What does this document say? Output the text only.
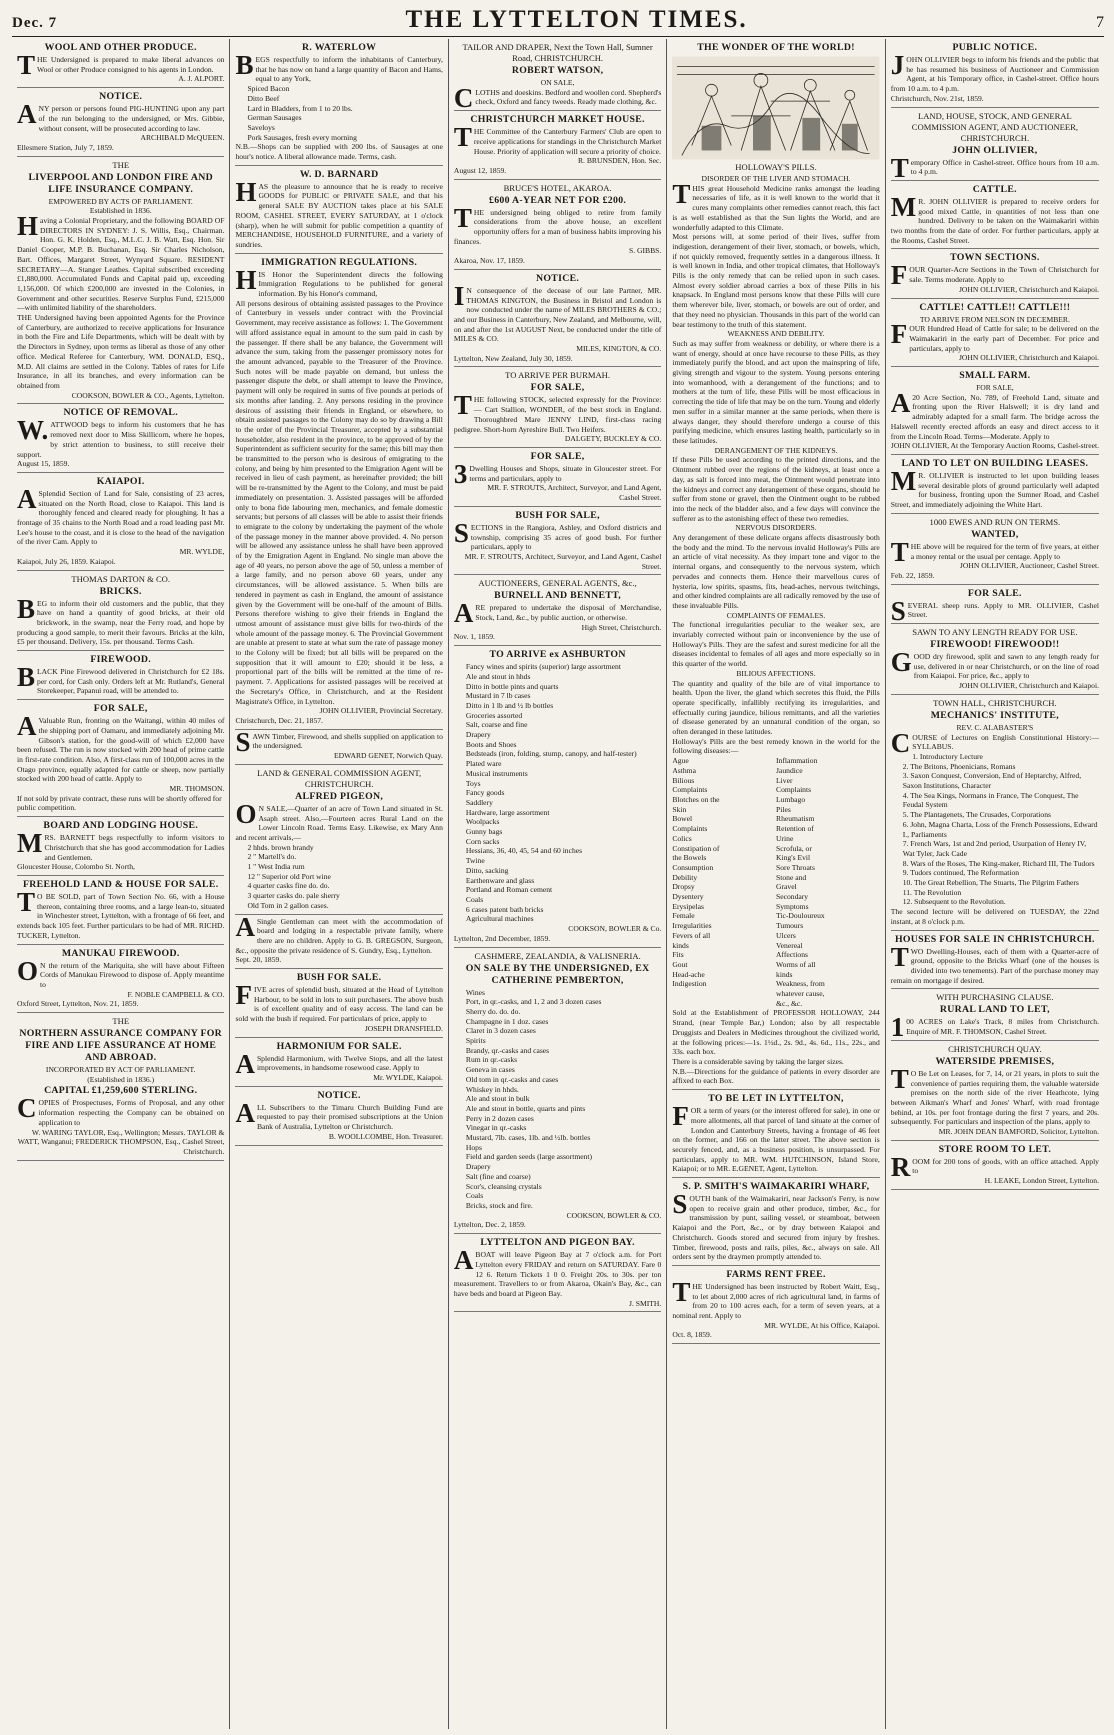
Dec. 7	THE LYTTELTON TIMES.	7
WOOL AND OTHER PRODUCE.

THE Undersigned is prepared to make liberal advances on Wool or other Produce consigned to his agents in London.

A. J. ALPORT.
NOTICE.

ANY person or persons found PIG-HUNTING upon any part of the run belonging to the undersigned, or Mrs. Gibbie, without consent, will be prosecuted according to law.

ARCHIBALD McQUEEN.
Ellesmere Station, July 7, 1859.
THE
LIVERPOOL AND LONDON FIRE AND LIFE INSURANCE COMPANY.
EMPOWERED BY ACTS OF PARLIAMENT.
Established in 1836.

Having a Colonial Proprietary, and the following BOARD OF DIRECTORS IN SYDNEY: J. S. Willis, Esq., Chairman. Hon. G. K. Holden, Esq., M.L.C. J. B. Watt, Esq. Hon. Sir Daniel Cooper, M.P. B. Buchanan, Esq. Sir Charles Nicholson, Bart. Offices, Margaret Street, Wynyard Square. RESIDENT SECRETARY—A. Stanger Leathes. Capital subscribed exceeding £1,880,000. Accumulated Funds and Capital paid up, exceeding 1,156,000. Of which £200,000 are invested in the Colonies, in Government and other securities. Reserve Surplus Fund, £215,000—with unlimited liability of the shareholders.

THE Undersigned having been appointed Agents for the Province of Canterbury, are authorized to receive applications for Insurance in both the Fire and Life Departments, which will be dealt with by the Directors in Sydney, upon terms as liberal as those of any other office. Medical Referee for Canterbury, WM. DONALD, ESQ., M.D. All claims are settled in the Colony. Tables of rates for Life Insurance, in all its branches, and every information can be obtained from

COOKSON, BOWLER & CO., Agents, Lyttelton.
NOTICE OF REMOVAL.

W.ATTWOOD begs to inform his customers that he has removed next door to Miss Skillicorn, where he hopes, by strict attention to business, to still receive their support.

August 15, 1859.
KAIAPOI.

ASplendid Section of Land for Sale, consisting of 23 acres, situated on the North Road, close to Kaiapoi. This land is thoroughly fenced and cleared ready for ploughing. It has a frontage of 35 chains to the North Road and a road leading past Mr. Lee's house to the coast, and it is close to the head of the navigation of the river Cam. Apply to

MR. WYLDE,
Kaiapoi, July 26, 1859. Kaiapoi.
THOMAS DARTON & CO.
BRICKS.

BEG to inform their old customers and the public, that they have on hand a quantity of good bricks, at their old brickwork, in the swamp, near the Ferry road, and hope by producing a good sample, to merit their favours. Bricks at the kiln, £5 per thousand. Delivery, 15s. per thousand. Terms Cash.

FIREWOOD.

BLACK Pine Firewood delivered in Christchurch for £2 18s. per cord, for Cash only. Orders left at Mr. Rutland's, General Storekeeper, Papanui road, will be attended to.

FOR SALE,

AValuable Run, fronting on the Waitangi, within 40 miles of the shipping port of Oamaru, and immediately adjoining Mr. Gibson's station, for the good-will of which £2,000 have been refused. The run is now stocked with 200 head of prime cattle in first-rate condition. Also, A first-class run of 100,000 acres in the Otago province, equally adapted for cattle or sheep, now partially stocked with 200 head of cattle. Apply to

MR. THOMSON.
If not sold by private contract, these runs will be shortly offered for public competition.
BOARD AND LODGING HOUSE.

MRS. BARNETT begs respectfully to inform visitors to Christchurch that she has good accommodation for Ladies and Gentlemen.

Gloucester House, Colombo St. North,
FREEHOLD LAND & HOUSE FOR SALE.

TO BE SOLD, part of Town Section No. 66, with a House thereon, containing three rooms, and a large lean-to, situated in Winchester street, Lyttelton, with a frontage of 66 feet, and extends back 105 feet. Further particulars to be had of MR. RICHD. TUCKER, Lyttelton.

MANUKAU FIREWOOD.

ON the return of the Mariquita, she will have about Fifteen Cords of Manukau Firewood to dispose of. Apply meantime to

F. NOBLE CAMPBELL & CO.
Oxford Street, Lyttelton, Nov. 21, 1859.
THE
NORTHERN ASSURANCE COMPANY FOR FIRE AND LIFE ASSURANCE AT HOME AND ABROAD.
INCORPORATED BY ACT OF PARLIAMENT.
(Established in 1836.)
CAPITAL £1,259,600 STERLING.

COPIES of Prospectuses, Forms of Proposal, and any other information respecting the Company can be obtained on application to

W. WARING TAYLOR, Esq., Wellington; Messrs. TAYLOR & WATT, Wanganui; FREDERICK THOMPSON, Esq., Cashel Street, Christchurch.
R. WATERLOW

BEGS respectfully to inform the inhabitants of Canterbury, that he has now on hand a large quantity of Bacon and Hams, equal to any York,

Spiced Bacon
Ditto Beef
Lard in Bladders, from 1 to 20 lbs.
German Sausages
Saveloys
Pork Sausages, fresh every morning
N.B.—Shops can be supplied with 200 lbs. of Sausages at one hour's notice. A liberal allowance made. Terms, cash.
W. D. BARNARD

HAS the pleasure to announce that he is ready to receive GOODS for PUBLIC or PRIVATE SALE, and that his general SALE BY AUCTION takes place at his SALE ROOM, CASHEL STREET, EVERY SATURDAY, at 1 o'clock (sharp), when he will submit for public competition a quantity of MERCHANDISE, HOUSEHOLD FURNITURE, and a variety of sundries.

IMMIGRATION REGULATIONS.

HIS Honor the Superintendent directs the following Immigration Regulations to be published for general information. By his Honor's command,

All persons desirous of obtaining assisted passages to the Province of Canterbury in vessels under contract with the Provincial Government, may receive assistance as follows: 1. The Government will afford assistance equal in amount to the sum paid in cash by the passenger. If there shall be any balance, the Government will advance the sum, taking from the passenger promissory notes for the amount advanced, payable to the Treasurer of the Province. Such notes will be made payable on demand, but unless the passenger dispute the debt, or shall attempt to leave the Province, payment will only be required in sums of five pounds at periods of six months after landing. 2. Any persons residing in the province desirous of assisting their friends in England, or elsewhere, to obtain assisted passages to the Colony may do so by drawing a Bill to the order of the Provincial Treasurer, accepted by a substantial householder, also resident in the province, to be approved of by the Superintendent as sufficient security for the same; this bill may then be transmitted to the person who is desirous of emigrating to the colony, and being by him presented to the Emigration Agent will be received in lieu of cash payment, as hereinafter provided; the bill will be re-transmitted by the Agent to the Colony, and must be paid immediately on presentation. 3. Assisted passages will be afforded only to bona fide labouring men, mechanics, and female domestic servants; but persons of all classes will be able to assist their friends to emigrate to the colony by undertaking the payment of the whole of the passage money in the manner above provided. 4. No person will be allowed any assistance unless he shall have been approved of by the Emigration Agent in England. No single man above the age of 40 years, no person above the age of 50, unless a member of a large family, and no person above 60 years, under any circumstances, will be allowed assistance. 5. When bills are tendered in payment as cash in England, the amount of assistance given by the Government will be one-half of the amount of Bills. Persons therefore wishing to give their friends in England the utmost amount of assistance must give bills for two-thirds of the whole amount of the passage money. 6. The Provincial Government are unable at present to state at what sum the rate of passage money to the Colony will be fixed; but all bills will be prepared on the supposition that it will amount to £20; should it be less, a proportional part of the bills will be remitted at the time of re-payment. 7. Applications for assisted passages will be received at the Secretary's Office, in Christchurch, and at the Resident Magistrate's Office, in Lyttelton.

JOHN OLLIVIER, Provincial Secretary.
Christchurch, Dec. 21, 1857.

SAWN Timber, Firewood, and shells supplied on application to the undersigned.

EDWARD GENET, Norwich Quay.
LAND & GENERAL COMMISSION AGENT, CHRISTCHURCH.
ALFRED PIGEON,

ON SALE,—Quarter of an acre of Town Land situated in St. Asaph street. Also,—Fourteen acres Rural Land on the Lower Lincoln Road. Terms Easy. Likewise, ex Mary Ann and recent arrivals,—

2 hhds. brown brandy
2 " Martell's do.
1 " West India rum
12 " Superior old Port wine
4 quarter casks fine do. do.
3 quarter casks do. pale sherry
Old Tom in 2 gallon cases.

ASingle Gentleman can meet with the accommodation of board and lodging in a respectable private family, where there are no children. Apply to G. B. GREGSON, Surgeon, &c., opposite the private residence of S. Gundry, Esq., Lyttelton.

Sept. 20, 1859.
BUSH FOR SALE.

FIVE acres of splendid bush, situated at the Head of Lyttelton Harbour, to be sold in lots to suit purchasers. The above bush is of excellent quality and of easy access. The land can be sold with the bush if required. For particulars of price, apply to

JOSEPH DRANSFIELD.
HARMONIUM FOR SALE.

ASplendid Harmonium, with Twelve Stops, and all the latest improvements, in handsome rosewood case. Apply to

Mr. WYLDE, Kaiapoi.
NOTICE.

ALL Subscribers to the Timaru Church Building Fund are requested to pay their promised subscriptions at the Union Bank of Australia, Lyttelton or Christchurch.

B. WOOLLCOMBE, Hon. Treasurer.
TAILOR AND DRAPER, Next the Town Hall, Sumner Road, CHRISTCHURCH.
ROBERT WATSON,
ON SALE,

CLOTHS and doeskins. Bedford and woollen cord. Shepherd's check, Oxford and fancy tweeds. Ready made clothing, &c.

CHRISTCHURCH MARKET HOUSE.

THE Committee of the Canterbury Farmers' Club are open to receive applications for standings in the Christchurch Market House. Priority of application will secure a priority of choice.

R. BRUNSDEN, Hon. Sec.
August 12, 1859.
BRUCE'S HOTEL, AKAROA.
£600 A-YEAR NET FOR £200.

THE undersigned being obliged to retire from family considerations from the above house, an excellent opportunity offers for a man of business habits improving his finances.

S. GIBBS.
Akaroa, Nov. 17, 1859.
NOTICE.

IN consequence of the decease of our late Partner, MR. THOMAS KINGTON, the Business in Bristol and London is now conducted under the name of MILES BROTHERS & CO.; and our Business in Canterbury, New Zealand, and Melbourne, will, on and after the 1st AUGUST Next, be conducted under the title of MILES & CO.

MILES, KINGTON, & CO.
Lyttelton, New Zealand, July 30, 1859.
TO ARRIVE PER BURMAH.
FOR SALE,

THE following STOCK, selected expressly for the Province:— Cart Stallion, WONDER, of the best stock in England. Thoroughbred Mare JENNY LIND, first-class racing pedigree. Short-horn Ayreshire Bull. Two Heifers.

DALGETY, BUCKLEY & CO.
FOR SALE,

3Dwelling Houses and Shops, situate in Gloucester street. For terms and particulars, apply to

MR. F. STROUTS, Architect, Surveyor, and Land Agent, Cashel Street.
BUSH FOR SALE,

SECTIONS in the Rangiora, Ashley, and Oxford districts and township, comprising 35 acres of good bush. For further particulars, apply to

MR. F. STROUTS, Architect, Surveyor, and Land Agent, Cashel Street.
AUCTIONEERS, GENERAL AGENTS, &c.,
BURNELL AND BENNETT,

ARE prepared to undertake the disposal of Merchandise, Stock, Land, &c., by public auction, or otherwise.

High Street, Christchurch.
Nov. 1, 1859.
TO ARRIVE ex ASHBURTON
Fancy wines and spirits (superior) large assortment
Ale and stout in hhds
Ditto in bottle pints and quarts
Mustard in 7 lb cases
Ditto in 1 lb and ½ lb bottles
Groceries assorted
Salt, coarse and fine
Drapery
Boots and Shoes
Bedsteads (iron, folding, stump, canopy, and half-tester)
Plated ware
Musical instruments
Toys
Fancy goods
Saddlery
Hardware, large assortment
Woolpacks
Gunny bags
Corn sacks
Hessians, 36, 40, 45, 54 and 60 inches
Twine
Ditto, sacking
Earthenware and glass
Portland and Roman cement
Coals
6 cases patent bath bricks
Agricultural machines
COOKSON, BOWLER & Co.
Lyttelton, 2nd December, 1859.
CASHMERE, ZEALANDIA, & VALISNERIA.
ON SALE BY THE UNDERSIGNED, EX CATHERINE PEMBERTON,
Wines
Port, in qr.-casks, and 1, 2 and 3 dozen cases
Sherry do. do. do.
Champagne in 1 doz. cases
Claret in 3 dozen cases
Spirits
Brandy, qr.-casks and cases
Rum in qr.-casks
Geneva in cases
Old tom in qr.-casks and cases
Whiskey in hhds.
Ale and stout in bulk
Ale and stout in bottle, quarts and pints
Perry in 2 dozen cases
Vinegar in qr.-casks
Mustard, 7lb. cases, 1lb. and ½lb. bottles
Hops
Field and garden seeds (large assortment)
Drapery
Salt (fine and coarse)
Scor's, cleansing crystals
Coals
Bricks, stock and fire.
COOKSON, BOWLER & CO.
Lyttelton, Dec. 2, 1859.
LYTTELTON AND PIGEON BAY.

ABOAT will leave Pigeon Bay at 7 o'clock a.m. for Port Lyttelton every FRIDAY and return on SATURDAY. Fare 0 12 6. Return Tickets 1 0 0. Freight 20s. to 30s. per ton measurement. Travellers to or from Akaroa, Okain's Bay, &c., can have beds and board at Pigeon Bay.

J. SMITH.
THE WONDER OF THE WORLD!
HOLLOWAY'S PILLS.
DISORDER OF THE LIVER AND STOMACH.

THIS great Household Medicine ranks amongst the leading necessaries of life, as it is well known to the world that it cures many complaints other remedies cannot reach, this fact is as well established as that the Sun lights the World, and are wonderfully adapted to this Climate.

Most persons will, at some period of their lives, suffer from indigestion, derangement of their liver, stomach, or bowels, which, if not quickly removed, frequently settles in a dangerous illness. It is well known in India, and other tropical climates, that Holloway's Pills is the only remedy that can be relied upon in such cases. Almost every soldier abroad carries a box of these Pills in his knapsack. In England most persons know that these Pills will cure them wherever bile, liver, stomach, or bowels are out of order, and that they need no physician. Thousands in this part of the world can bear testimony to the truth of this statement.

WEAKNESS AND DEBILITY.

Such as may suffer from weakness or debility, or where there is a want of energy, should at once have recourse to these Pills, as they immediately purify the blood, and act upon the mainspring of life, giving strength and vigour to the system. Young persons entering into womanhood, with a derangement of the functions; and to mothers at the turn of life, these Pills will be most efficacious in correcting the tide of life that may be on the turn. Young and elderly men suffer in a similar manner at the same periods, when there is always danger, they should therefore undergo a course of this purifying medicine, which ensures lasting health, particularly so in these latitudes.

DERANGEMENT OF THE KIDNEYS.

If these Pills be used according to the printed directions, and the Ointment rubbed over the regions of the kidneys, at least once a day, as salt is forced into meat, the Ointment would penetrate into the kidneys and correct any derangement of these organs, should he suffer from stone or gravel, then the Ointment ought to be rubbed into the neck of the bladder also, and a few days will convince the sufferer as to the astonishing effect of these two remedies.

NERVOUS DISORDERS.

Any derangement of these delicate organs affects disastrously both the body and the mind. To the nervous invalid Holloway's Pills are an article of vital necessity. As they impart tone and vigor to the internal organs, and consequently to the nervous system, which pervades and connects them. Hence their marvellous cures of hysteria, low spirits, spasms, fits, head-aches, nervous twitchings, and other kindred complaints are all radically removed by the use of these invaluable Pills.

COMPLAINTS OF FEMALES.

The functional irregularities peculiar to the weaker sex, are invariably corrected without pain or inconvenience by the use of Holloway's Pills. They are the safest and surest medicine for all the diseases incidental to females of all ages and more especially so in this quarter of the world.

BILIOUS AFFECTIONS.

The quantity and quality of the bile are of vital importance to health. Upon the liver, the gland which secretes this fluid, the Pills operate specifically, infallibly rectifying its irregularities, and effectually curing jaundice, bilious remittants, and all the varieties of disease generated by an unnatural condition of the organ, so often deranged in these latitudes.

Holloway's Pills are the best remedy known in the world for the following diseases:—

Ague
Asthma
Bilious Complaints
Blotches on the Skin
Bowel Complaints
Colics
Constipation of the Bowels
Consumption
Debility
Dropsy
Dysentery
Erysipelas
Female Irregularities
Fevers of all kinds
Fits
Gout
Head-ache
Indigestion
Inflammation
Jaundice
Liver Complaints
Lumbago
Piles
Rheumatism
Retention of Urine
Scrofula, or King's Evil
Sore Throats
Stone and Gravel
Secondary Symptoms
Tic-Douloureux
Tumours
Ulcers
Venereal Affections
Worms of all kinds
Weakness, from whatever cause, &c., &c.

Sold at the Establishment of PROFESSOR HOLLOWAY, 244 Strand, (near Temple Bar,) London; also by all respectable Druggists and Dealers in Medicines throughout the civilized world, at the following prices:—1s. 1½d., 2s. 9d., 4s. 6d., 11s., 22s., and 33s. each box.

There is a considerable saving by taking the larger sizes.

N.B.—Directions for the guidance of patients in every disorder are affixed to each Box.

TO BE LET IN LYTTELTON,

FOR a term of years (or the interest offered for sale), in one or more allotments, all that parcel of land situate at the corner of London and Canterbury Streets, having a frontage of 46 feet on the former, and 166 on the latter street. The above section is securely fenced, and, as a business position, is unsurpassed. For particulars, apply to MR. WM. HUTCHINSON, Island Store, Kaiapoi; or to MR. E.GENET, Agent, Lyttelton.

S. P. SMITH'S WAIMAKARIRI WHARF,

SOUTH bank of the Waimakariri, near Jackson's Ferry, is now open to receive grain and other produce, timber, &c., for transmission by punt, sailing vessel, or steamboat, between Kaiapoi and the Port, &c., or by dray between Kaiapoi and Christchurch. Goods stored and secured from injury by freshes. Timber, firewood, posts and rails, piles, &c., always on sale. All orders sent by the draymen promptly attended to.

FARMS RENT FREE.

THE Undersigned has been instructed by Robert Waitt, Esq., to let about 2,000 acres of rich agricultural land, in farms of from 20 to 100 acres each, for a term of seven years, at a nominal rent. Apply to

MR. WYLDE, At his Office, Kaiapoi.
Oct. 8, 1859.
PUBLIC NOTICE.

JOHN OLLIVIER begs to inform his friends and the public that he has resumed his business of Auctioneer and Commission Agent, at his Temporary office, in Cashel-street. Office hours from 10 a.m. to 4 p.m.

Christchurch, Nov. 21st, 1859.
LAND, HOUSE, STOCK, AND GENERAL COMMISSION AGENT, AND AUCTIONEER, CHRISTCHURCH.
JOHN OLLIVIER,

Temporary Office in Cashel-street. Office hours from 10 a.m. to 4 p.m.

CATTLE.

MR. JOHN OLLIVIER is prepared to receive orders for good mixed Cattle, in quantities of not less than one hundred. Delivery to be taken on the Waimakariri within two months from the date of order. For further particulars, apply at the Rooms, Cashel Street.

TOWN SECTIONS.

FOUR Quarter-Acre Sections in the Town of Christchurch for sale. Terms moderate. Apply to

JOHN OLLIVIER, Christchurch and Kaiapoi.
CATTLE! CATTLE!! CATTLE!!!
TO ARRIVE FROM NELSON IN DECEMBER.

FOUR Hundred Head of Cattle for sale; to be delivered on the Waimakariri in the early part of December. For price and particulars, apply to

JOHN OLLIVIER, Christchurch and Kaiapoi.
SMALL FARM.
FOR SALE,

A20 Acre Section, No. 789, of Freehold Land, situate and fronting upon the River Halswell; it is dry land and admirably adapted for a small farm. The bridge across the Halswell recently erected affords an easy and direct access to it from the Lincoln Road. Terms—Moderate. Apply to

JOHN OLLIVIER, At the Temporary Auction Rooms, Cashel-street.
LAND TO LET ON BUILDING LEASES.

MR. OLLIVIER is instructed to let upon building leases several desirable plots of ground particularly well adapted for business, fronting upon the Sumner Road, and Cashel Street, and immediately adjoining the White Hart.

1000 EWES AND RUN ON TERMS.
WANTED,

THE above will be required for the term of five years, at either a money rental or the usual per centage. Apply to

JOHN OLLIVIER, Auctioneer, Cashel Street.
Feb. 22, 1859.
FOR SALE.

SEVERAL sheep runs. Apply to MR. OLLIVIER, Cashel Street.

SAWN TO ANY LENGTH READY FOR USE.
FIREWOOD! FIREWOOD!!

GOOD dry firewood, split and sawn to any length ready for use, delivered in or near Christchurch, or on the line of road from Kaiapoi. For price, &c., apply to

JOHN OLLIVIER, Christchurch and Kaiapoi.
TOWN HALL, CHRISTCHURCH.
MECHANICS' INSTITUTE,
REV. C. ALABASTER'S

COURSE of Lectures on English Constitutional History:— SYLLABUS.

1. Introductory Lecture
2. The Britons, Phoenicians, Romans
3. Saxon Conquest, Conversion, End of Heptarchy, Alfred, Saxon Institutions, Character
4. The Sea Kings, Normans in France, The Conquest, The Feudal System
5. The Plantagenets, The Crusades, Corporations
6. John, Magna Charta, Loss of the French Possessions, Edward I., Parliaments
7. French Wars, 1st and 2nd period, Usurpation of Henry IV, Wat Tyler, Jack Cade
8. Wars of the Roses, The King-maker, Richard III, The Tudors
9. Tudors continued, The Reformation
10. The Great Rebellion, The Stuarts, The Pilgrim Fathers
11. The Revolution
12. Subsequent to the Revolution.
The second lecture will be delivered on TUESDAY, the 22nd instant, at 8 o'clock p.m.
HOUSES FOR SALE IN CHRISTCHURCH.

TWO Dwelling-Houses, each of them with a Quarter-acre of ground, opposite to the Bricks Wharf (one of the houses is divided into two tenements). Part of the purchase money may remain on mortgage if desired.

WITH PURCHASING CLAUSE.
RURAL LAND TO LET,

100 ACRES on Lake's Track, 8 miles from Christchurch. Enquire of MR. F. THOMSON, Cashel Street.

CHRISTCHURCH QUAY.
WATERSIDE PREMISES,

TO Be Let on Leases, for 7, 14, or 21 years, in plots to suit the convenience of parties requiring them, the valuable waterside premises on the north side of the river Heathcote, lying between Aikman's Wharf and Jones' Wharf, with road frontage behind, at 10s. per foot frontage during the first 7 years, and 20s. subsequently. For particulars and inspection of the plans, apply to

MR. JOHN DEAN BAMFORD, Solicitor, Lyttelton.
STORE ROOM TO LET.

ROOM for 200 tons of goods, with an office attached. Apply to

H. LEAKE, London Street, Lyttelton.
